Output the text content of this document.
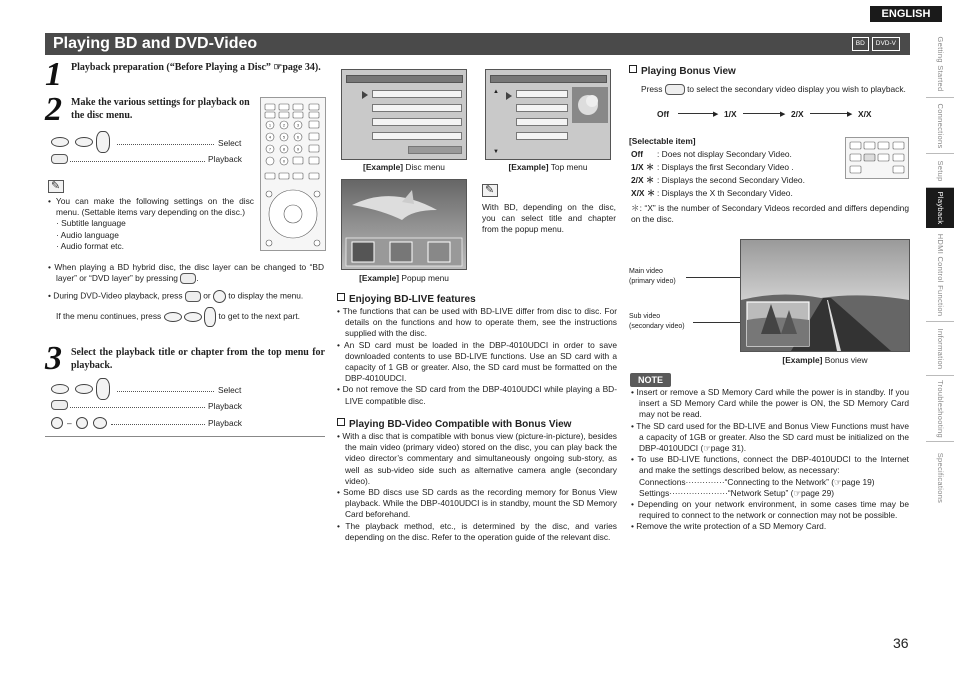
ENGLISH
Playing BD and DVD-Video	BD	DVD-V	Getting Started
Connections
Setup
Playback
HDMI Control Function
Information
Troubleshooting
Specifications
1 Playback preparation (“Before Playing a Disc” ☞page 34).
2 Make the various settings for playback on the disc menu.
1	2	3
4	5	6
7	8	9
0
Select
Playback
✎
• You can make the following settings on the disc menu. (Settable items vary depending on the disc.)
· Subtitle language
· Audio language
· Audio format etc.
• When playing a BD hybrid disc, the disc layer can be changed to “BD layer” or “DVD layer” by pressing .
• During DVD-Video playback, press or to display the menu.
If the menu continues, press	to get to the next part.
3 Select the playback title or chapter from the top menu for playback.
Select
Playback
–	Playback
[Example] Disc menu
▲
▼
[Example] Top menu
[Example] Popup menu
✎
With BD, depending on the disc, you can select title and chapter from the popup menu.
Enjoying BD-LIVE features
• The functions that can be used with BD-LIVE differ from disc to disc. For details on the functions and how to operate them, see the instructions supplied with the disc.
• An SD card must be loaded in the DBP-4010UDCI in order to save downloaded contents to use BD-LIVE functions. Use an SD card with a capacity of 1 GB or greater. Also, the SD card must be formatted on the DBP-4010UDCI.
• Do not remove the SD card from the DBP-4010UDCI while playing a BD-LIVE compatible disc.
Playing BD-Video Compatible with Bonus View
• With a disc that is compatible with bonus view (picture-in-picture), besides the main video (primary video) stored on the disc, you can play back the video director’s commentary and simultaneously ongoing sub-story, as well as sub-video side such as alternative camera angle (secondary video).
• Some BD discs use SD cards as the recording memory for Bonus View playback. While the DBP-4010UDCI is in standby, mount the SD Memory Card beforehand.
• The playback method, etc., is determined by the disc, and varies depending on the disc. Refer to the operation guide of the relevant disc.
Playing Bonus View
Press	to select the secondary video display you wish to playback.
Off	▶ 1/X	▶ 2/X	▶ X/X
[Selectable item]
Off : Does not display Secondary Video.
1/X ＊ : Displays the first Secondary Video .
2/X ＊ : Displays the second Secondary Video.
X/X ＊ : Displays the X th Secondary Video.
＊: “X” is the number of Secondary Videos recorded and differs depending on the disc.
Main video
(primary video)
Sub video
(secondary video)
[Example] Bonus view
NOTE
• Insert or remove a SD Memory Card while the power is in standby. If you insert a SD Memory Card while the power is ON, the SD Memory Card may not be read.
• The SD card used for the BD-LIVE and Bonus View Functions must have a capacity of 1GB or greater. Also the SD card must be initialized on the DBP-4010UDCI (☞page 31).
• To use BD-LIVE functions, connect the DBP-4010UDCI to the Internet and make the settings described below, as necessary:
Connections··············“Connecting to the Network” (☞page 19)
Settings·····················“Network Setup” (☞page 29)
• Depending on your network environment, in some cases time may be required to connect to the network or connection may not be possible.
• Remove the write protection of a SD Memory Card.
36
